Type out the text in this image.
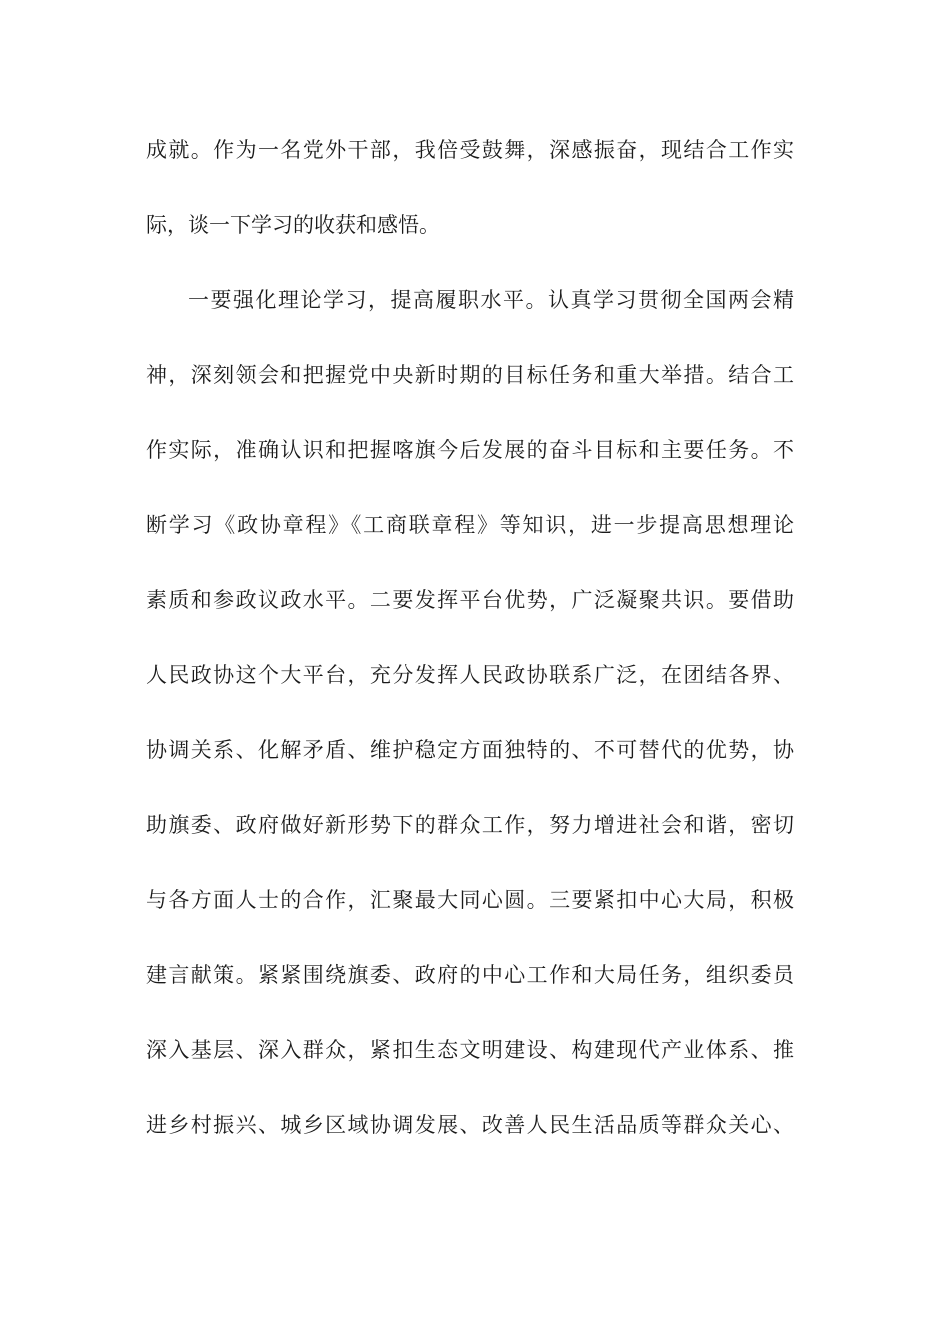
成就。作为一名党外干部，我倍受鼓舞，深感振奋，现结合工作实
际，谈一下学习的收获和感悟。
一要强化理论学习，提高履职水平。认真学习贯彻全国两会精
神，深刻领会和把握党中央新时期的目标任务和重大举措。结合工
作实际，准确认识和把握喀旗今后发展的奋斗目标和主要任务。不
断学习《政协章程》《工商联章程》等知识，进一步提高思想理论
素质和参政议政水平。二要发挥平台优势，广泛凝聚共识。要借助
人民政协这个大平台，充分发挥人民政协联系广泛，在团结各界、
协调关系、化解矛盾、维护稳定方面独特的、不可替代的优势，协
助旗委、政府做好新形势下的群众工作，努力增进社会和谐，密切
与各方面人士的合作，汇聚最大同心圆。三要紧扣中心大局，积极
建言献策。紧紧围绕旗委、政府的中心工作和大局任务，组织委员
深入基层、深入群众，紧扣生态文明建设、构建现代产业体系、推
进乡村振兴、城乡区域协调发展、改善人民生活品质等群众关心、
